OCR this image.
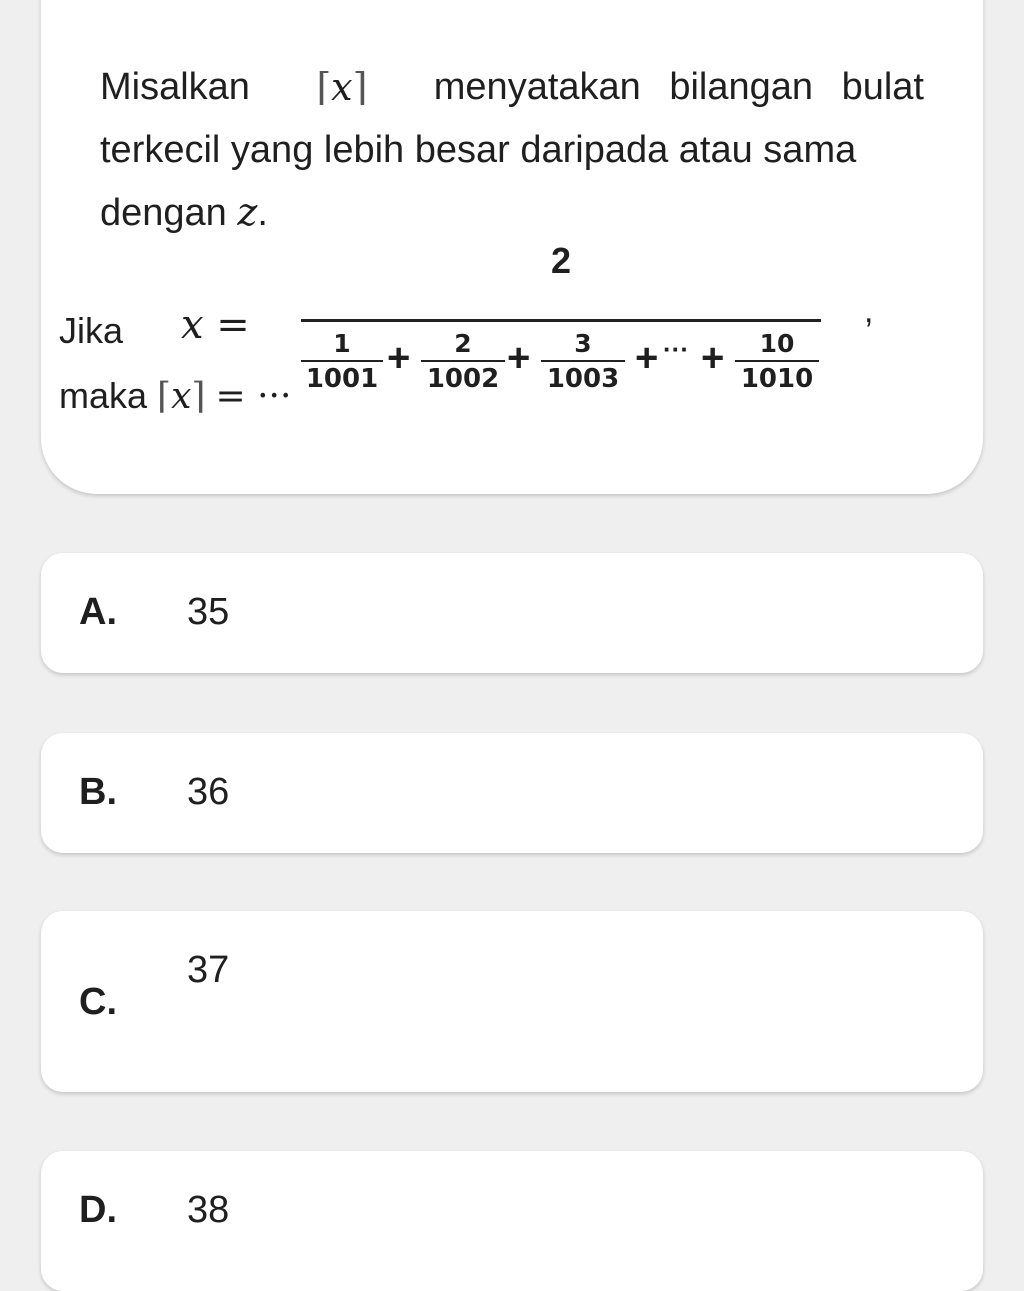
Misalkan ⌈x⌉ menyatakan bilangan bulat
terkecil yang lebih besar daripada atau sama
dengan z.
Jika x =
2
1
1001 +	2
1002 +	3
1003 + ··· +	10
1010
,
maka ⌈x⌉ = ···
A. 35
B. 36
C.
37
D. 38
